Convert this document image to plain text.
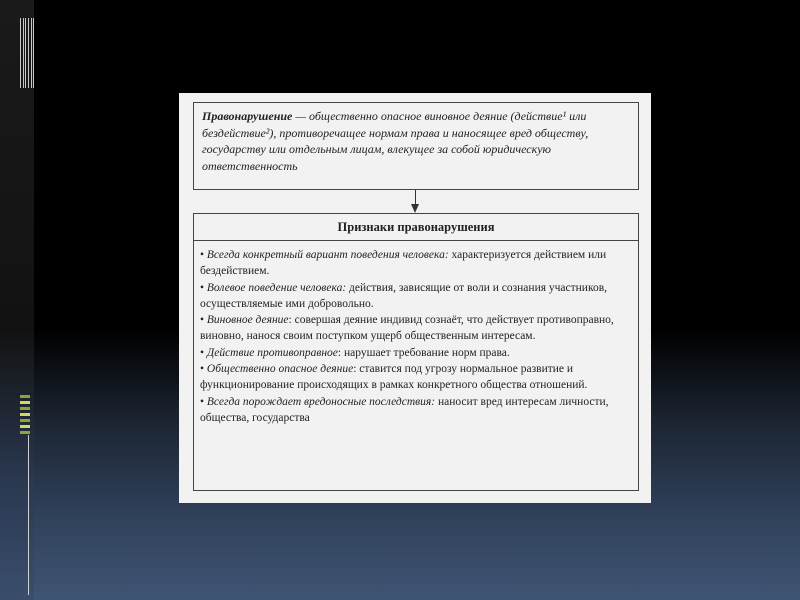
Правонарушение — общественно опасное виновное деяние (действие¹ или бездействие²), противоречащее нормам права и наносящее вред обществу, государству или отдельным лицам, влекущее за собой юридическую ответственность
Признаки правонарушения

• Всегда конкретный вариант поведения человека: характеризуется действием или бездействием.

• Волевое поведение человека: действия, зависящие от воли и сознания участников, осуществляемые ими добровольно.

• Виновное деяние: совершая деяние индивид сознаёт, что действует противоправно, виновно, нанося своим поступком ущерб общественным интересам.

• Действие противоправное: нарушает требование норм права.

• Общественно опасное деяние: ставится под угрозу нормальное развитие и функционирование происходящих в рамках конкретного общества отношений.

• Всегда порождает вредоносные последствия: наносит вред интересам личности, общества, государства
